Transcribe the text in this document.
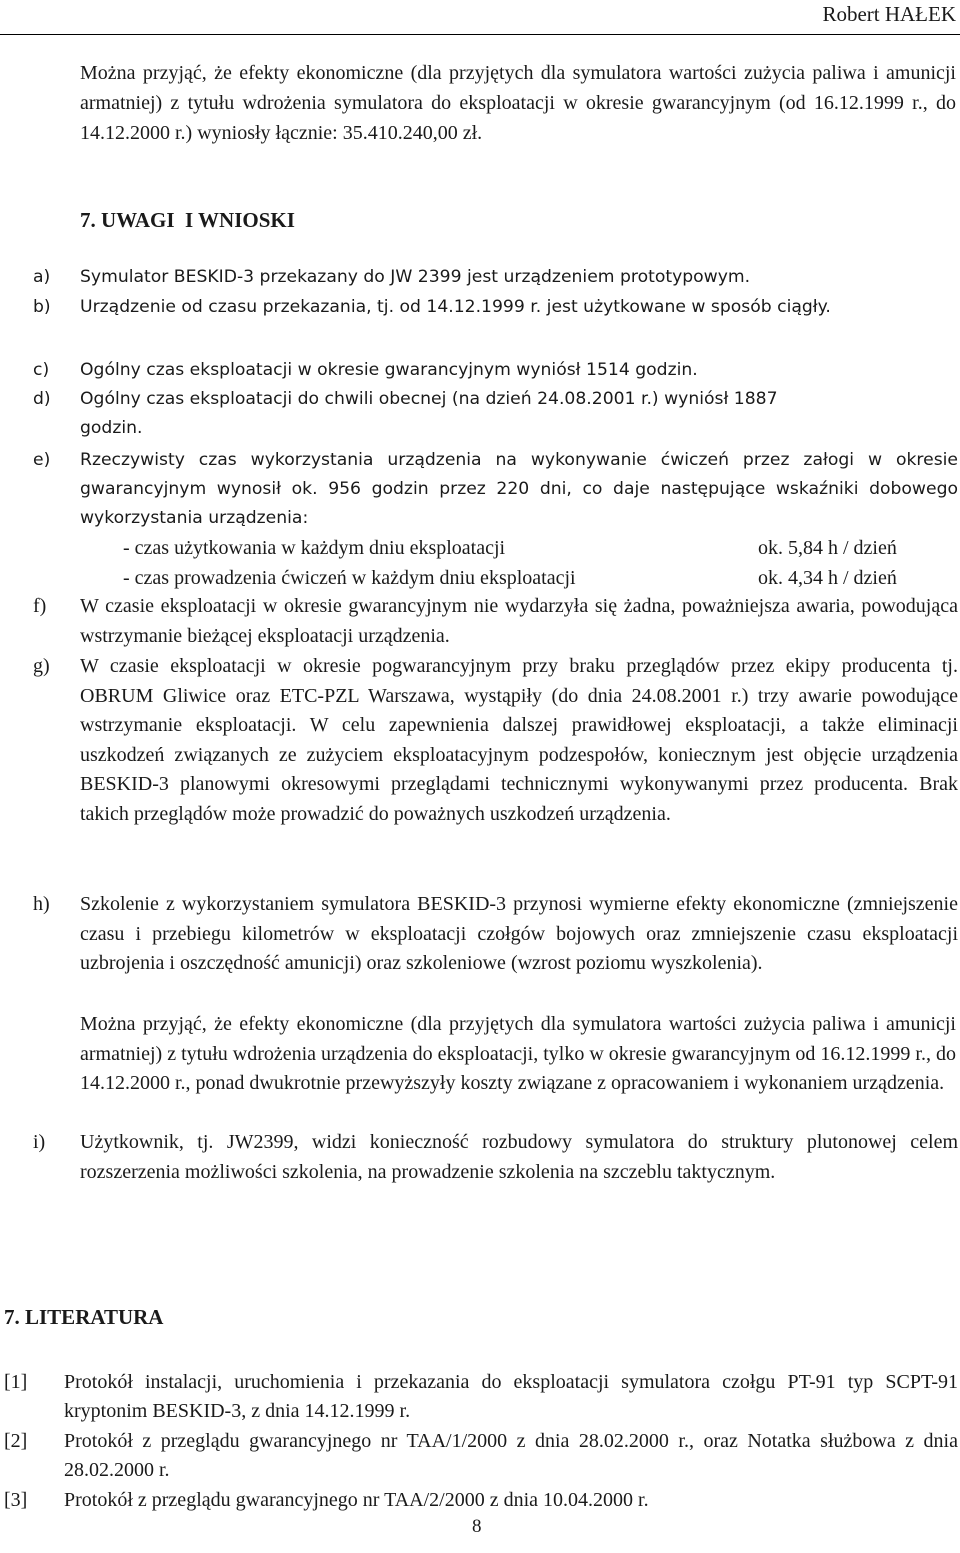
Robert HAŁEK
Można przyjąć, że efekty ekonomiczne (dla przyjętych dla symulatora wartości zużycia paliwa i amunicji armatniej) z tytułu wdrożenia symulatora do eksploatacji w okresie gwarancyjnym (od 16.12.1999 r., do 14.12.2000 r.) wyniosły łącznie: 35.410.240,00 zł.
7. UWAGI  I WNIOSKI
a) Symulator BESKID-3 przekazany do JW 2399 jest urządzeniem prototypowym.
b) Urządzenie od czasu przekazania, tj. od 14.12.1999 r. jest użytkowane w sposób ciągły.
c) Ogólny czas eksploatacji w okresie gwarancyjnym wyniósł 1514 godzin.
d) Ogólny czas eksploatacji do chwili obecnej (na dzień 24.08.2001 r.) wyniósł 1887 godzin.
e) Rzeczywisty czas wykorzystania urządzenia na wykonywanie ćwiczeń przez załogi w okresie gwarancyjnym wynosił ok. 956 godzin przez 220 dni, co daje następujące wskaźniki dobowego wykorzystania urządzenia:
- czas użytkowania w każdym dniu eksploatacji	ok. 5,84 h / dzień
- czas prowadzenia ćwiczeń w każdym dniu eksploatacji	ok. 4,34 h / dzień
f) W czasie eksploatacji w okresie gwarancyjnym nie wydarzyła się żadna, poważniejsza awaria, powodująca wstrzymanie bieżącej eksploatacji urządzenia.
g) W czasie eksploatacji w okresie pogwarancyjnym przy braku przeglądów przez ekipy producenta tj. OBRUM Gliwice oraz ETC-PZL Warszawa, wystąpiły (do dnia 24.08.2001 r.) trzy awarie powodujące wstrzymanie eksploatacji. W celu zapewnienia dalszej prawidłowej eksploatacji, a także eliminacji uszkodzeń związanych ze zużyciem eksploatacyjnym podzespołów, koniecznym jest objęcie urządzenia BESKID-3 planowymi okresowymi przeglądami technicznymi wykonywanymi przez producenta. Brak takich przeglądów może prowadzić do poważnych uszkodzeń urządzenia.
h) Szkolenie z wykorzystaniem symulatora BESKID-3 przynosi wymierne efekty ekonomiczne (zmniejszenie czasu i przebiegu kilometrów w eksploatacji czołgów bojowych oraz zmniejszenie czasu eksploatacji uzbrojenia i oszczędność amunicji) oraz szkoleniowe (wzrost poziomu wyszkolenia).
Można przyjąć, że efekty ekonomiczne (dla przyjętych dla symulatora wartości zużycia paliwa i amunicji armatniej) z tytułu wdrożenia urządzenia do eksploatacji, tylko w okresie gwarancyjnym od 16.12.1999 r., do 14.12.2000 r., ponad dwukrotnie przewyższyły koszty związane z opracowaniem i wykonaniem urządzenia.
i) Użytkownik, tj. JW2399, widzi konieczność rozbudowy symulatora do struktury plutonowej celem rozszerzenia możliwości szkolenia, na prowadzenie szkolenia na szczeblu taktycznym.
7. LITERATURA
[1] Protokół instalacji, uruchomienia i przekazania do eksploatacji symulatora czołgu PT-91 typ SCPT-91 kryptonim BESKID-3, z dnia 14.12.1999 r.
[2] Protokół z przeglądu gwarancyjnego nr TAA/1/2000 z dnia 28.02.2000 r., oraz Notatka służbowa z dnia 28.02.2000 r.
[3] Protokół z przeglądu gwarancyjnego nr TAA/2/2000 z dnia 10.04.2000 r.
8
